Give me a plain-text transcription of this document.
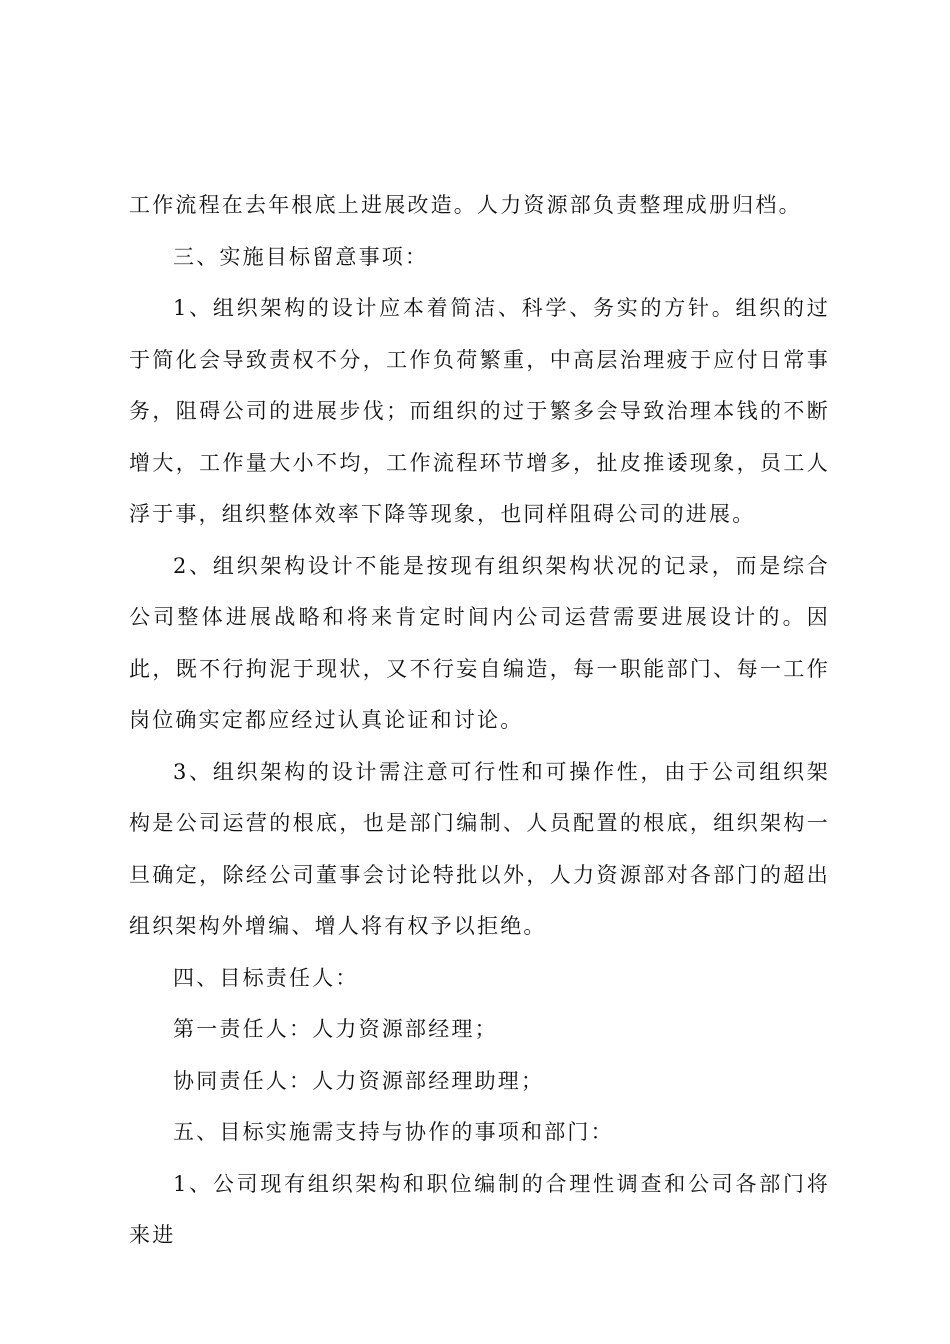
工作流程在去年根底上进展改造。人力资源部负责整理成册归档。

三、实施目标留意事项：

1、组织架构的设计应本着简洁、科学、务实的方针。组织的过于简化会导致责权不分，工作负荷繁重，中高层治理疲于应付日常事务，阻碍公司的进展步伐；而组织的过于繁多会导致治理本钱的不断增大，工作量大小不均，工作流程环节增多，扯皮推诿现象，员工人浮于事，组织整体效率下降等现象，也同样阻碍公司的进展。

2、组织架构设计不能是按现有组织架构状况的记录，而是综合公司整体进展战略和将来肯定时间内公司运营需要进展设计的。因此，既不行拘泥于现状，又不行妄自编造，每一职能部门、每一工作岗位确实定都应经过认真论证和讨论。

3、组织架构的设计需注意可行性和可操作性，由于公司组织架构是公司运营的根底，也是部门编制、人员配置的根底，组织架构一旦确定，除经公司董事会讨论特批以外，人力资源部对各部门的超出组织架构外增编、增人将有权予以拒绝。

四、目标责任人：

第一责任人：人力资源部经理；

协同责任人：人力资源部经理助理；

五、目标实施需支持与协作的事项和部门：

1、公司现有组织架构和职位编制的合理性调查和公司各部门将来进
